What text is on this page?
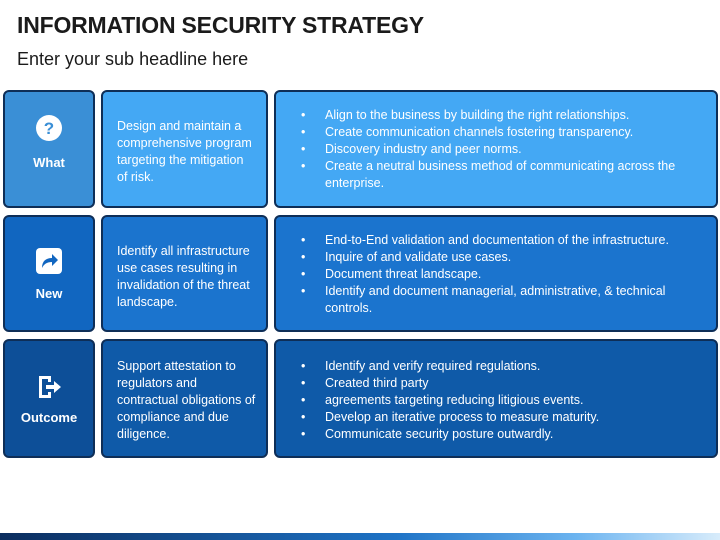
INFORMATION SECURITY STRATEGY

Enter your sub headline here

?
What

Design and maintain a comprehensive program targeting the mitigation of risk.

• Align to the business by building the right relationships.
• Create communication channels fostering transparency.
• Discovery industry and peer norms.
• Create a neutral business method of communicating across the enterprise.
New

Identify all infrastructure use cases resulting in invalidation of the threat landscape.

• End-to-End validation and documentation of the infrastructure.
• Inquire of and validate use cases.
• Document threat landscape.
• Identify and document managerial, administrative, & technical controls.
Outcome

Support attestation to regulators and contractual obligations of compliance and due diligence.

• Identify and verify required regulations.
• Created third party
• agreements targeting reducing litigious events.
• Develop an iterative process to measure maturity.
• Communicate security posture outwardly.
